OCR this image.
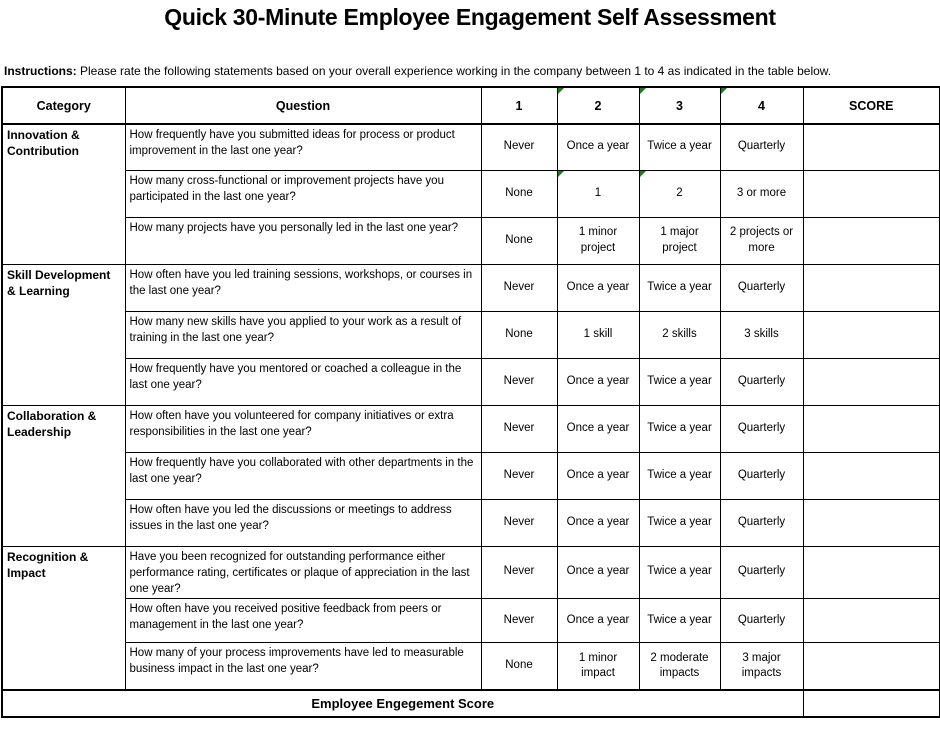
Quick 30-Minute Employee Engagement Self Assessment

Instructions: Please rate the following statements based on your overall experience working in the company between 1 to 4 as indicated in the table below.

Category	Question	1	2	3	4	SCORE
Innovation & Contribution	How frequently have you submitted ideas for process or product improvement in the last one year?	Never	Once a year	Twice a year	Quarterly	
	How many cross-functional or improvement projects have you participated in the last one year?	None	1	2	3 or more	
	How many projects have you personally led in the last one year?	None	1 minor project	1 major project	2 projects or more	
Skill Development & Learning	How often have you led training sessions, workshops, or courses in the last one year?	Never	Once a year	Twice a year	Quarterly	
	How many new skills have you applied to your work as a result of training in the last one year?	None	1 skill	2 skills	3 skills	
	How frequently have you mentored or coached a colleague in the last one year?	Never	Once a year	Twice a year	Quarterly	
Collaboration & Leadership	How often have you volunteered for company initiatives or extra responsibilities in the last one year?	Never	Once a year	Twice a year	Quarterly	
	How frequently have you collaborated with other departments in the last one year?	Never	Once a year	Twice a year	Quarterly	
	How often have you led the discussions or meetings to address issues in the last one year?	Never	Once a year	Twice a year	Quarterly	
Recognition & Impact	Have you been recognized for outstanding performance either performance rating, certificates or plaque of appreciation in the last one year?	Never	Once a year	Twice a year	Quarterly	
	How often have you received positive feedback from peers or management in the last one year?	Never	Once a year	Twice a year	Quarterly	
	How many of your process improvements have led to measurable business impact in the last one year?	None	1 minor impact	2 moderate impacts	3 major impacts	
Employee Engegement Score						
